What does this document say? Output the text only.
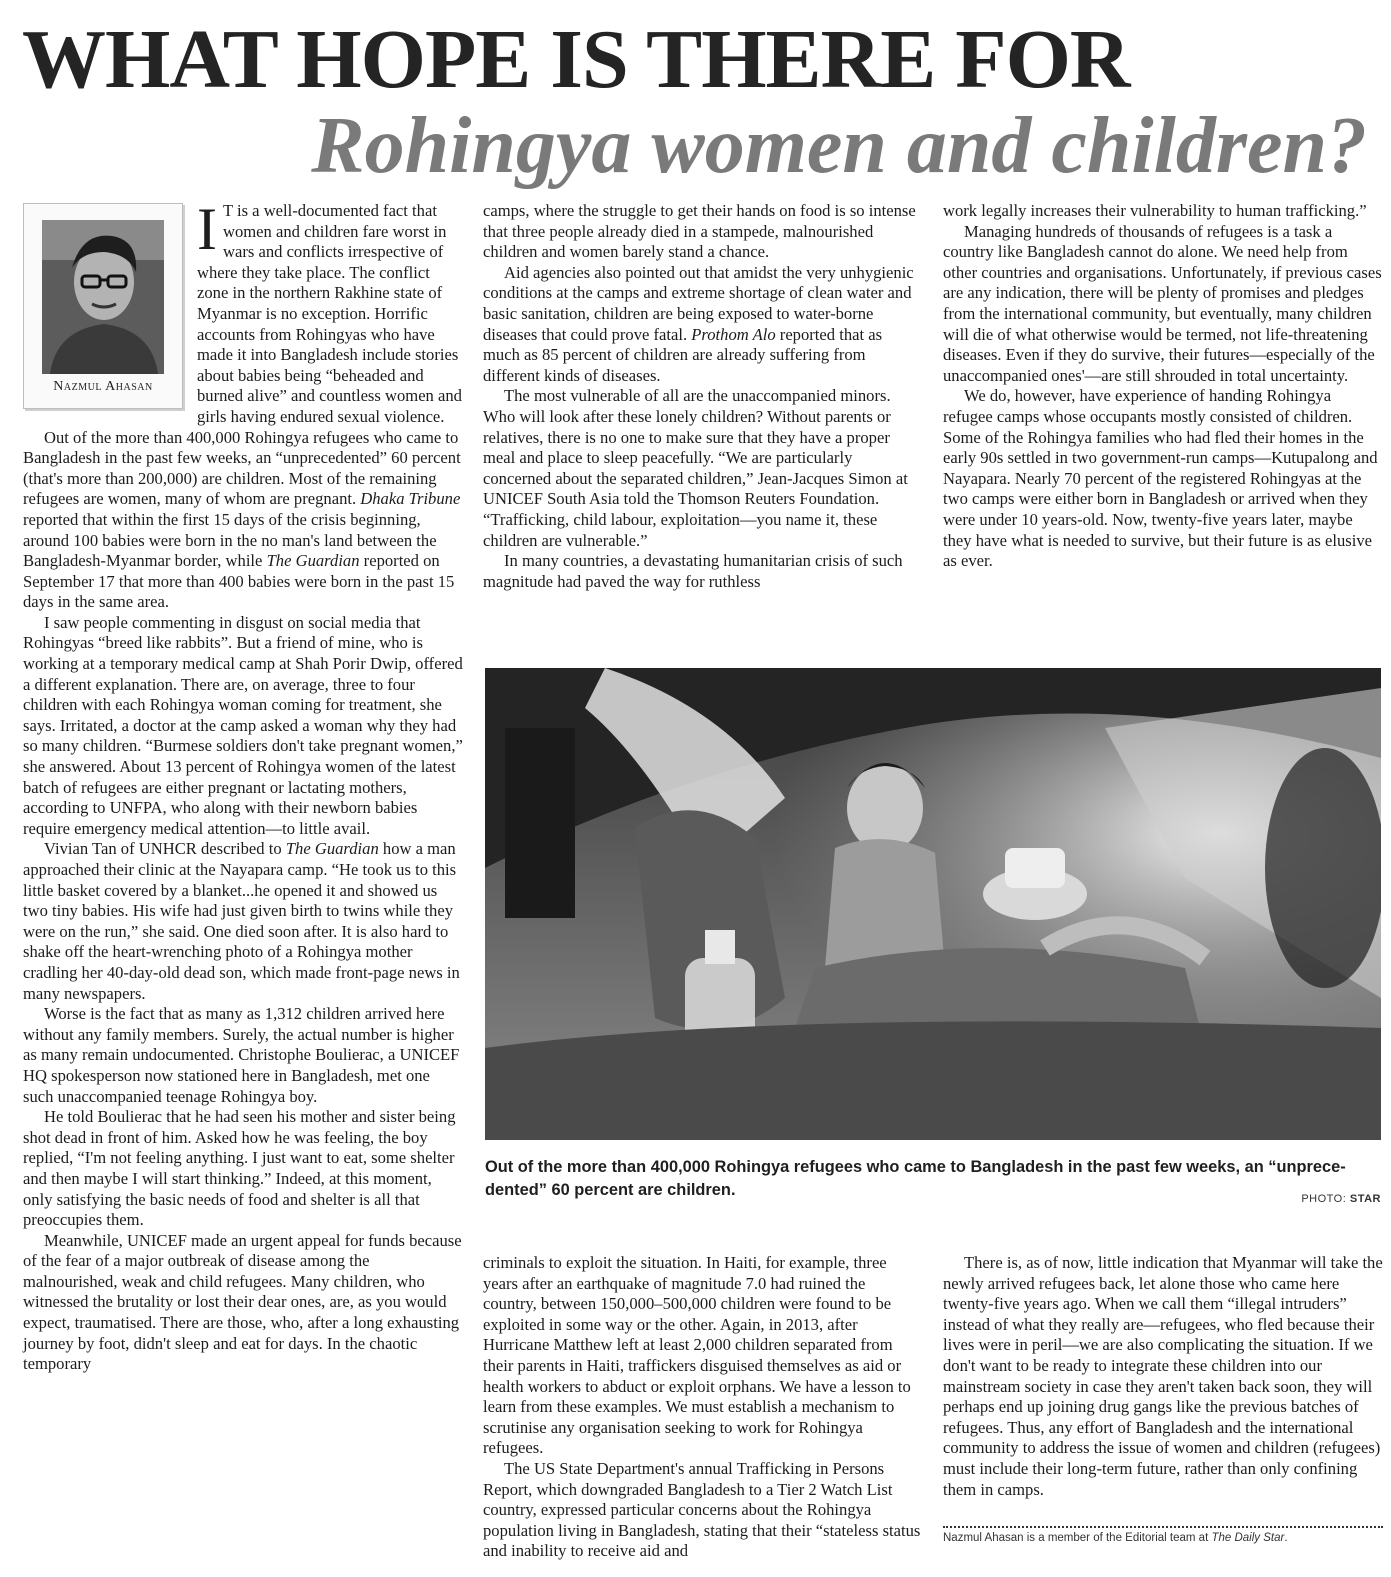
WHAT HOPE IS THERE FOR
Rohingya women and children?
Nazmul Ahasan

I T is a well-documented fact that women and children fare worst in wars and conflicts irrespective of where they take place. The conflict zone in the northern Rakhine state of Myanmar is no exception. Horrific accounts from Rohingyas who have made it into Bangladesh include stories about babies being “beheaded and burned alive” and countless women and girls having endured sexual violence.

Out of the more than 400,000 Rohingya refugees who came to Bangladesh in the past few weeks, an “unprecedented” 60 percent (that's more than 200,000) are children. Most of the remaining refugees are women, many of whom are pregnant. Dhaka Tribune reported that within the first 15 days of the crisis beginning, around 100 babies were born in the no man's land between the Bangladesh-Myanmar border, while The Guardian reported on September 17 that more than 400 babies were born in the past 15 days in the same area.

I saw people commenting in disgust on social media that Rohingyas “breed like rabbits”. But a friend of mine, who is working at a temporary medical camp at Shah Porir Dwip, offered a different explanation. There are, on average, three to four children with each Rohingya woman coming for treatment, she says. Irritated, a doctor at the camp asked a woman why they had so many children. “Burmese soldiers don't take pregnant women,” she answered. About 13 percent of Rohingya women of the latest batch of refugees are either pregnant or lactating mothers, according to UNFPA, who along with their newborn babies require emergency medical attention—to little avail.

Vivian Tan of UNHCR described to The Guardian how a man approached their clinic at the Nayapara camp. “He took us to this little basket covered by a blanket...he opened it and showed us two tiny babies. His wife had just given birth to twins while they were on the run,” she said. One died soon after. It is also hard to shake off the heart-wrenching photo of a Rohingya mother cradling her 40-day-old dead son, which made front-page news in many newspapers.

Worse is the fact that as many as 1,312 children arrived here without any family members. Surely, the actual number is higher as many remain undocumented. Christophe Boulierac, a UNICEF HQ spokesperson now stationed here in Bangladesh, met one such unaccompanied teenage Rohingya boy.

He told Boulierac that he had seen his mother and sister being shot dead in front of him. Asked how he was feeling, the boy replied, “I'm not feeling anything. I just want to eat, some shelter and then maybe I will start thinking.” Indeed, at this moment, only satisfying the basic needs of food and shelter is all that preoccupies them.

Meanwhile, UNICEF made an urgent appeal for funds because of the fear of a major outbreak of disease among the malnourished, weak and child refugees. Many children, who witnessed the brutality or lost their dear ones, are, as you would expect, traumatised. There are those, who, after a long exhausting journey by foot, didn't sleep and eat for days. In the chaotic temporary

camps, where the struggle to get their hands on food is so intense that three people already died in a stampede, malnourished children and women barely stand a chance.

Aid agencies also pointed out that amidst the very unhygienic conditions at the camps and extreme shortage of clean water and basic sanitation, children are being exposed to water-borne diseases that could prove fatal. Prothom Alo reported that as much as 85 percent of children are already suffering from different kinds of diseases.

The most vulnerable of all are the unaccompanied minors. Who will look after these lonely children? Without parents or relatives, there is no one to make sure that they have a proper meal and place to sleep peacefully. “We are particularly concerned about the separated children,” Jean-Jacques Simon at UNICEF South Asia told the Thomson Reuters Foundation. “Trafficking, child labour, exploitation—you name it, these children are vulnerable.”

In many countries, a devastating humanitarian crisis of such magnitude had paved the way for ruthless

work legally increases their vulnerability to human trafficking.”

Managing hundreds of thousands of refugees is a task a country like Bangladesh cannot do alone. We need help from other countries and organisations. Unfortunately, if previous cases are any indication, there will be plenty of promises and pledges from the international community, but eventually, many children will die of what otherwise would be termed, not life-threatening diseases. Even if they do survive, their futures—especially of the unaccompanied ones'—are still shrouded in total uncertainty.

We do, however, have experience of handing Rohingya refugee camps whose occupants mostly consisted of children. Some of the Rohingya families who had fled their homes in the early 90s settled in two government-run camps—Kutupalong and Nayapara. Nearly 70 percent of the registered Rohingyas at the two camps were either born in Bangladesh or arrived when they were under 10 years-old. Now, twenty-five years later, maybe they have what is needed to survive, but their future is as elusive as ever.

Out of the more than 400,000 Rohingya refugees who came to Bangladesh in the past few weeks, an “unprece-dented” 60 percent are children.	PHOTO: STAR

criminals to exploit the situation. In Haiti, for example, three years after an earthquake of magnitude 7.0 had ruined the country, between 150,000–500,000 children were found to be exploited in some way or the other. Again, in 2013, after Hurricane Matthew left at least 2,000 children separated from their parents in Haiti, traffickers disguised themselves as aid or health workers to abduct or exploit orphans. We have a lesson to learn from these examples. We must establish a mechanism to scrutinise any organisation seeking to work for Rohingya refugees.

The US State Department's annual Trafficking in Persons Report, which downgraded Bangladesh to a Tier 2 Watch List country, expressed particular concerns about the Rohingya population living in Bangladesh, stating that their “stateless status and inability to receive aid and

There is, as of now, little indication that Myanmar will take the newly arrived refugees back, let alone those who came here twenty-five years ago. When we call them “illegal intruders” instead of what they really are—refugees, who fled because their lives were in peril—we are also complicating the situation. If we don't want to be ready to integrate these children into our mainstream society in case they aren't taken back soon, they will perhaps end up joining drug gangs like the previous batches of refugees. Thus, any effort of Bangladesh and the international community to address the issue of women and children (refugees) must include their long-term future, rather than only confining them in camps.

Nazmul Ahasan is a member of the Editorial team at The Daily Star.
